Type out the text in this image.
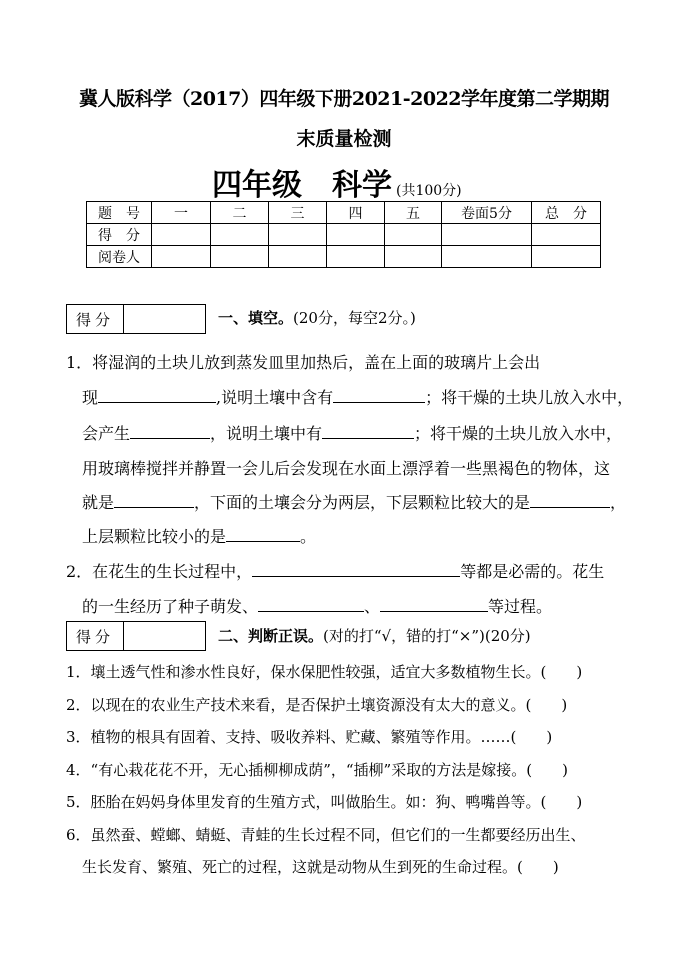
冀人版科学（2017）四年级下册2021-2022学年度第二学期期
末质量检测
四年级　科学 (共100分)
题　号	一	二	三	四	五	卷面5分	总　分
得　分							
阅卷人							
得分	一、填空。(20分，每空2分。)
1．将湿润的土块儿放到蒸发皿里加热后，盖在上面的玻璃片上会出
现	,说明土壤中含有	；将干燥的土块儿放入水中，
会产生	，说明土壤中有	；将干燥的土块儿放入水中，
用玻璃棒搅拌并静置一会儿后会发现在水面上漂浮着一些黑褐色的物体，这
就是	，下面的土壤会分为两层，下层颗粒比较大的是	，
上层颗粒比较小的是	。
2．在花生的生长过程中，	等都是必需的。花生
的一生经历了种子萌发、	、	等过程。
得分	二、判断正误。(对的打“√，错的打“×”)(20分)
1．壤土透气性和渗水性良好，保水保肥性较强，适宜大多数植物生长。(　　)
2．以现在的农业生产技术来看，是否保护土壤资源没有太大的意义。(　　)
3．植物的根具有固着、支持、吸收养料、贮藏、繁殖等作用。……(　　)
4．“有心栽花花不开，无心插柳柳成荫”，“插柳”采取的方法是嫁接。(　　)
5．胚胎在妈妈身体里发育的生殖方式，叫做胎生。如：狗、鸭嘴兽等。(　　)
6．虽然蚕、螳螂、蜻蜓、青蛙的生长过程不同，但它们的一生都要经历出生、
生长发育、繁殖、死亡的过程，这就是动物从生到死的生命过程。(　　)
